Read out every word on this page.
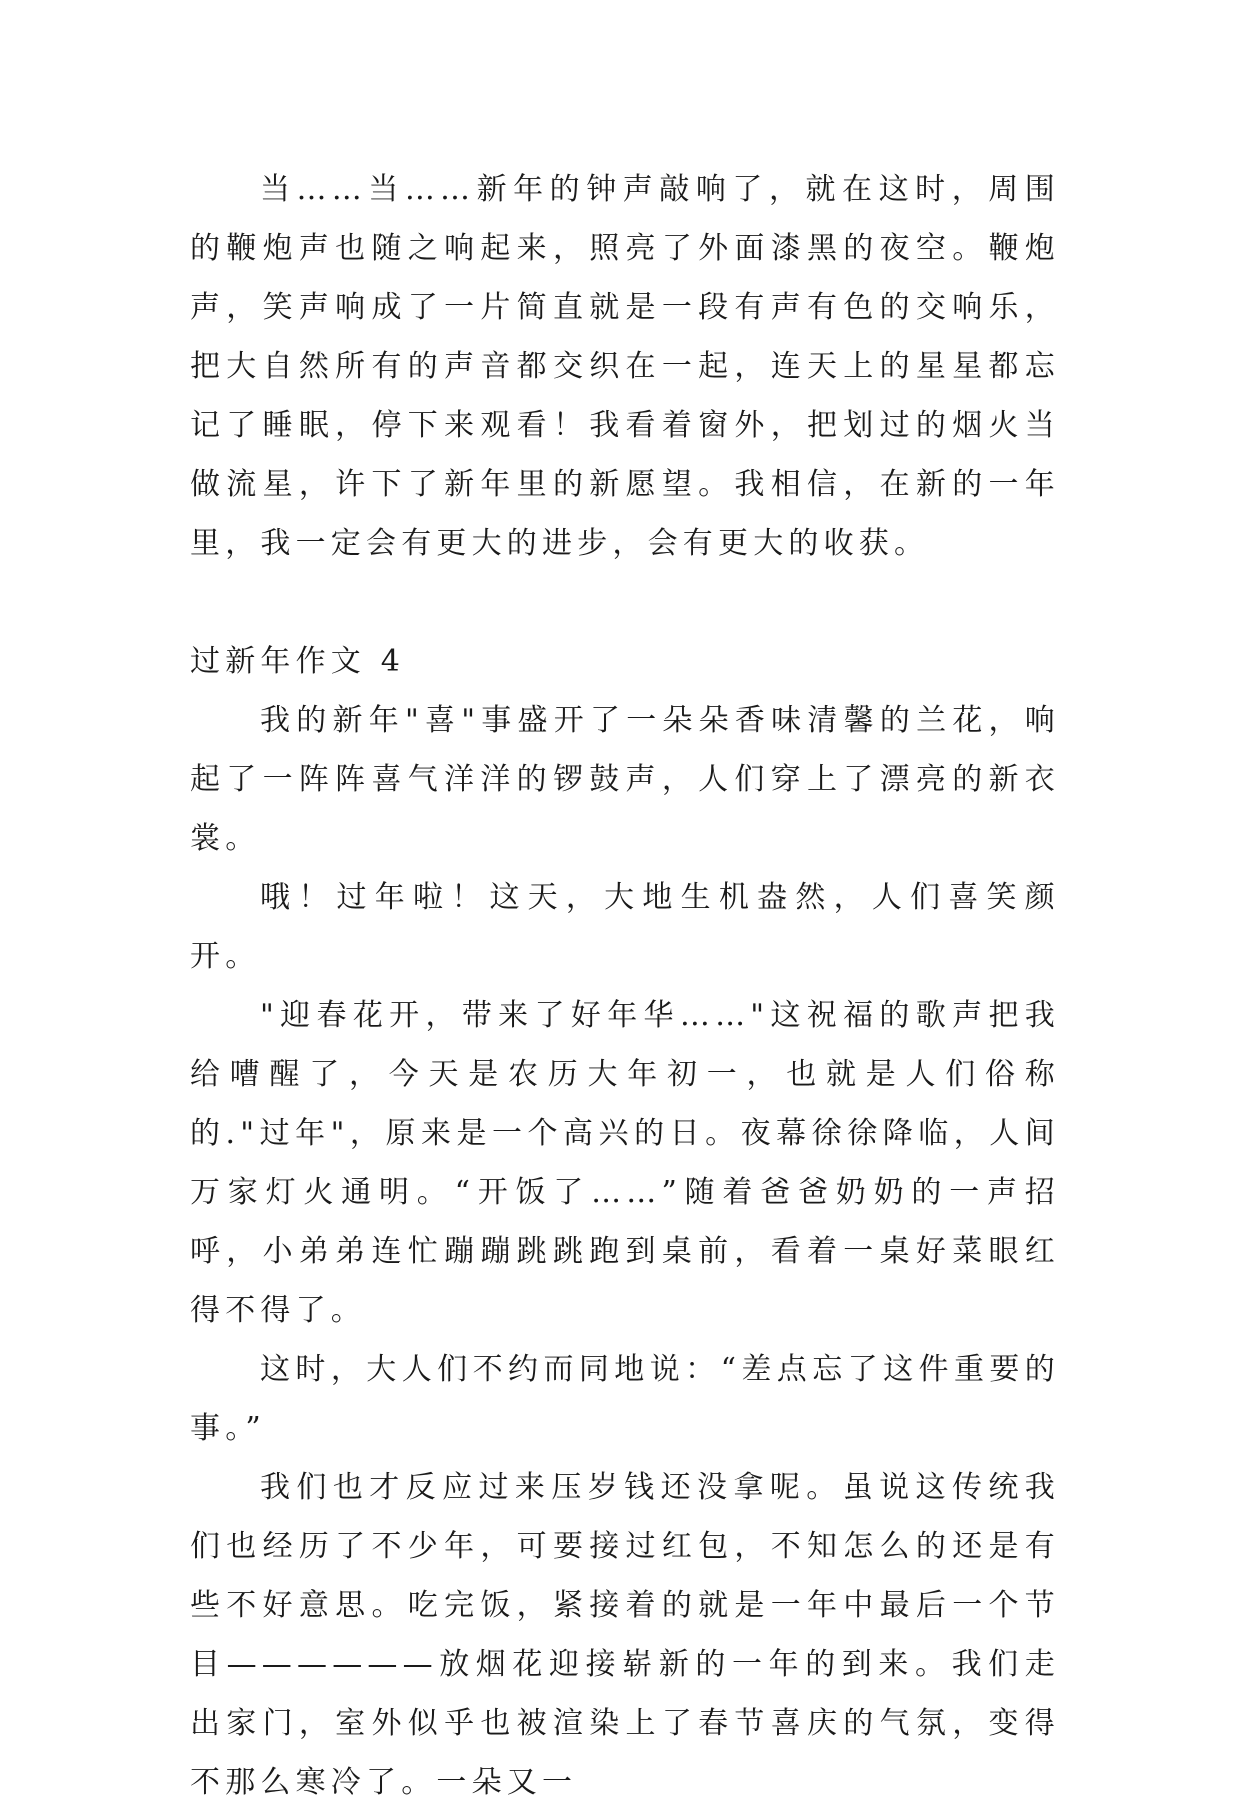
当……当……新年的钟声敲响了，就在这时，周围的鞭炮声也随之响起来，照亮了外面漆黑的夜空。鞭炮声，笑声响成了一片简直就是一段有声有色的交响乐，把大自然所有的声音都交织在一起，连天上的星星都忘记了睡眠，停下来观看！我看着窗外，把划过的烟火当做流星，许下了新年里的新愿望。我相信，在新的一年里，我一定会有更大的进步，会有更大的收获。

过新年作文 4

我的新年"喜"事盛开了一朵朵香味清馨的兰花，响起了一阵阵喜气洋洋的锣鼓声，人们穿上了漂亮的新衣裳。

哦！过年啦！这天，大地生机盎然，人们喜笑颜开。

"迎春花开，带来了好年华……"这祝福的歌声把我给嘈醒了，今天是农历大年初一，也就是人们俗称的."过年"，原来是一个高兴的日。夜幕徐徐降临，人间万家灯火通明。“开饭了……”随着爸爸奶奶的一声招呼，小弟弟连忙蹦蹦跳跳跑到桌前，看着一桌好菜眼红得不得了。

这时，大人们不约而同地说：“差点忘了这件重要的事。”

我们也才反应过来压岁钱还没拿呢。虽说这传统我们也经历了不少年，可要接过红包，不知怎么的还是有些不好意思。吃完饭，紧接着的就是一年中最后一个节目——————放烟花迎接崭新的一年的到来。我们走出家门，室外似乎也被渲染上了春节喜庆的气氛，变得不那么寒冷了。一朵又一
